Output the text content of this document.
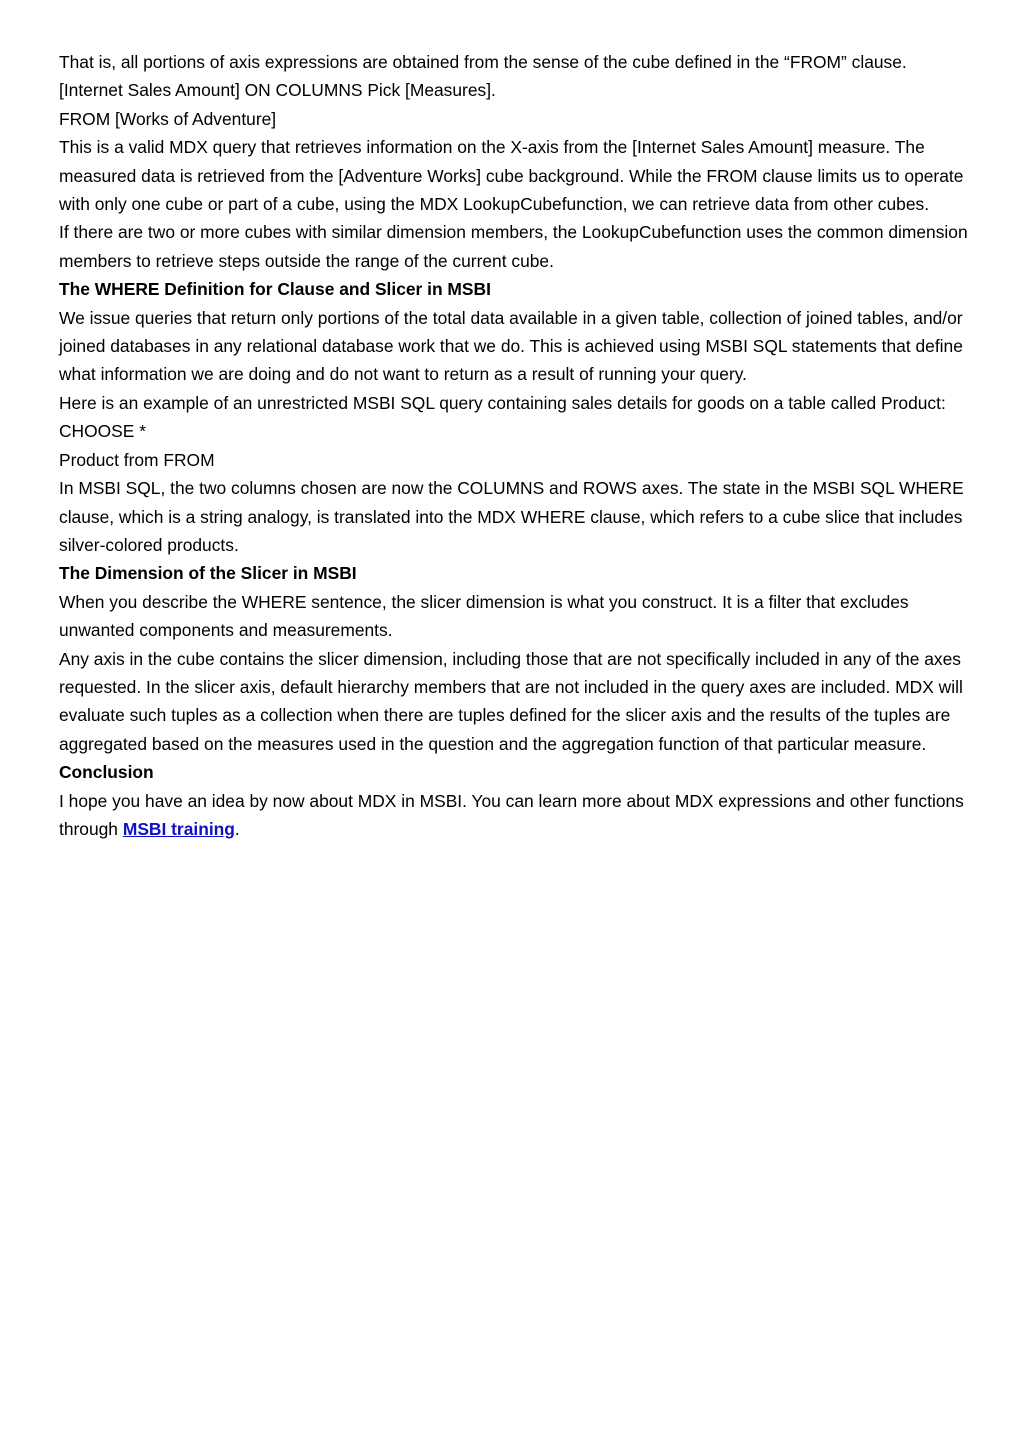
That is, all portions of axis expressions are obtained from the sense of the cube defined in the “FROM” clause.

[Internet Sales Amount] ON COLUMNS Pick [Measures].

FROM [Works of Adventure]

This is a valid MDX query that retrieves information on the X-axis from the [Internet Sales Amount] measure. The measured data is retrieved from the [Adventure Works] cube background. While the FROM clause limits us to operate with only one cube or part of a cube, using the MDX LookupCubefunction, we can retrieve data from other cubes.

If there are two or more cubes with similar dimension members, the LookupCubefunction uses the common dimension members to retrieve steps outside the range of the current cube.

The WHERE Definition for Clause and Slicer in MSBI

We issue queries that return only portions of the total data available in a given table, collection of joined tables, and/or joined databases in any relational database work that we do. This is achieved using MSBI SQL statements that define what information we are doing and do not want to return as a result of running your query.

Here is an example of an unrestricted MSBI SQL query containing sales details for goods on a table called Product:

CHOOSE *

Product from FROM

In MSBI SQL, the two columns chosen are now the COLUMNS and ROWS axes. The state in the MSBI SQL WHERE clause, which is a string analogy, is translated into the MDX WHERE clause, which refers to a cube slice that includes silver-colored products.

The Dimension of the Slicer in MSBI

When you describe the WHERE sentence, the slicer dimension is what you construct. It is a filter that excludes unwanted components and measurements.

Any axis in the cube contains the slicer dimension, including those that are not specifically included in any of the axes requested. In the slicer axis, default hierarchy members that are not included in the query axes are included. MDX will evaluate such tuples as a collection when there are tuples defined for the slicer axis and the results of the tuples are aggregated based on the measures used in the question and the aggregation function of that particular measure.

Conclusion

I hope you have an idea by now about MDX in MSBI. You can learn more about MDX expressions and other functions through MSBI training.
